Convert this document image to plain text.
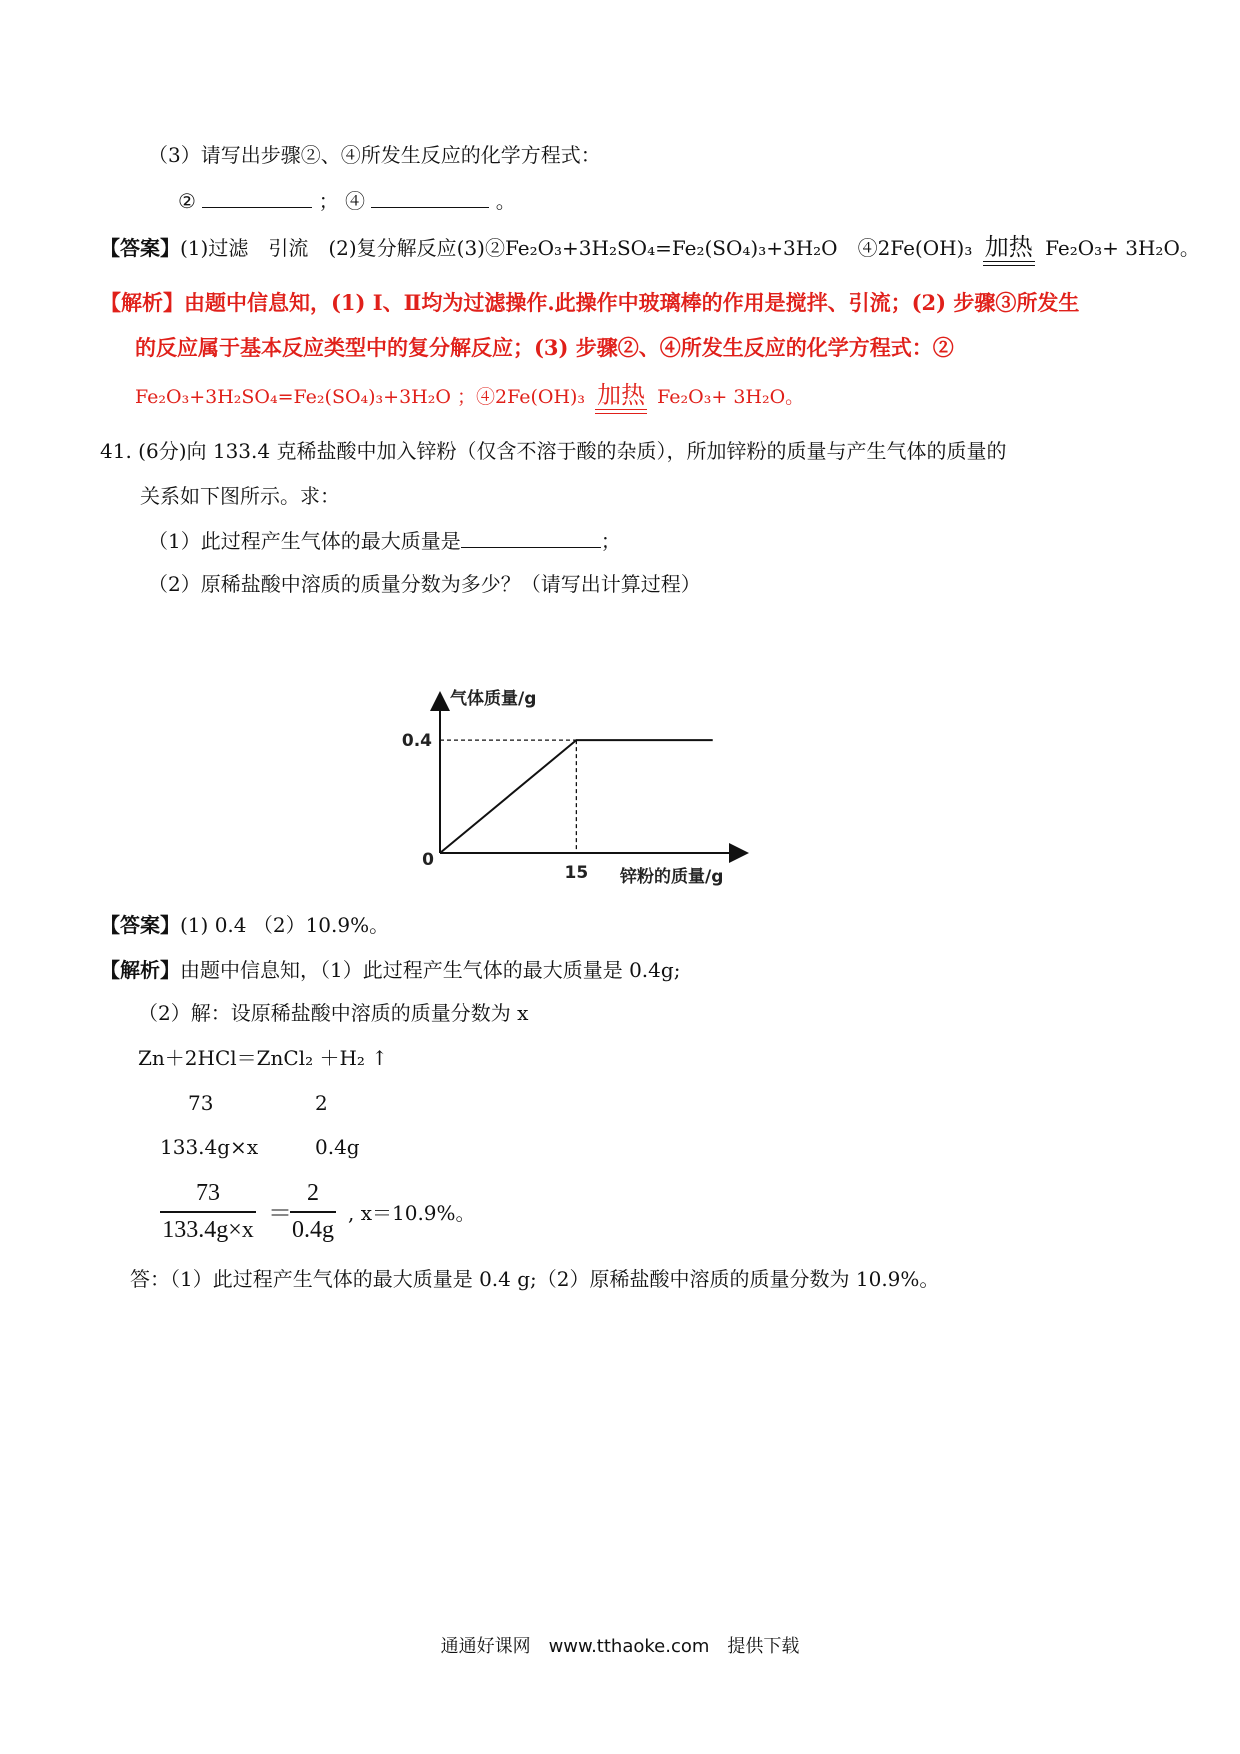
（3）请写出步骤②、④所发生反应的化学方程式：
②	； ④	。
【答案】(1)过滤　引流　(2)复分解反应(3)②Fe₂O₃+3H₂SO₄=Fe₂(SO₄)₃+3H₂O　④2Fe(OH)₃ 加热 Fe₂O₃+ 3H₂O。
【解析】由题中信息知，(1) Ⅰ、Ⅱ均为过滤操作.此操作中玻璃棒的作用是搅拌、引流；(2) 步骤③所发生
的反应属于基本反应类型中的复分解反应；(3) 步骤②、④所发生反应的化学方程式：②
Fe₂O₃+3H₂SO₄=Fe₂(SO₄)₃+3H₂O ；④2Fe(OH)₃ 加热 Fe₂O₃+ 3H₂O。
41. (6分)向 133.4 克稀盐酸中加入锌粉（仅含不溶于酸的杂质），所加锌粉的质量与产生气体的质量的
关系如下图所示。求：
（1）此过程产生气体的最大质量是	；
（2）原稀盐酸中溶质的质量分数为多少？（请写出计算过程）
0
0.4
15
气体质量/g
锌粉的质量/g
【答案】(1) 0.4 （2）10.9%。
【解析】由题中信息知，（1）此过程产生气体的最大质量是 0.4g;
（2）解：设原稀盐酸中溶质的质量分数为 x
Zn＋2HCl＝ZnCl₂ ＋H₂ ↑
73	2
133.4g×x	0.4g
$\frac{73}{133.4g\times x}$ ＝
$\frac{2}{0.4g}$ , x＝10.9%。
答：（1）此过程产生气体的最大质量是 0.4 g;（2）原稀盐酸中溶质的质量分数为 10.9%。
通通好课网　www.tthaoke.com　提供下载
